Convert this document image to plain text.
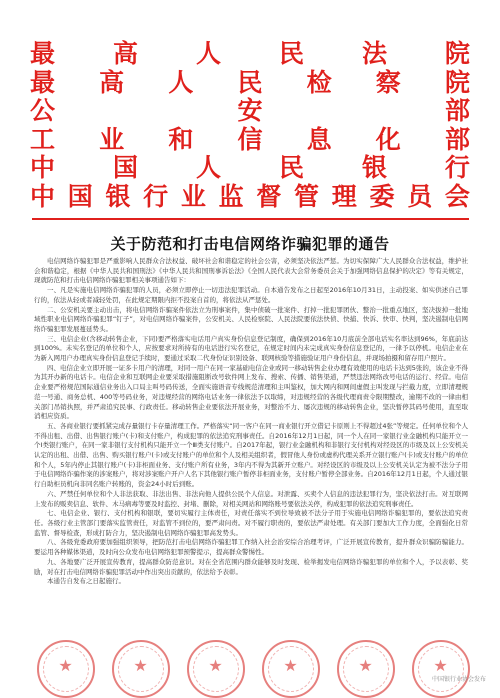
最 高 人 民 法 院
最 高 人 民 检 察 院
公	安	部
工 业 和 信 息 化 部
中 国 人 民 银 行
中 国 银 行 业 监 督 管 理 委 员 会
关于防范和打击电信网络诈骗犯罪的通告

电信网络诈骗犯罪是严重影响人民群众合法权益、破坏社会和谐稳定的社会公害，必须坚决依法严惩。为切实保障广大人民群众合法权益，维护社会和谐稳定，根据《中华人民共和国刑法》《中华人民共和国刑事诉讼法》《全国人民代表大会常务委员会关于加强网络信息保护的决定》等有关规定，现就防范和打击电信网络诈骗犯罪相关事项通告如下：

一、凡是实施电信网络诈骗犯罪的人员，必须立即停止一切违法犯罪活动。自本通告发布之日起至2016年10月31日，主动投案、如实供述自己罪行的，依法从轻或者减轻处罚，在此规定期限内拒不投案自首的，将依法从严惩处。

二、公安机关要主动出击，将电信网络诈骗案件依法立为刑事案件，集中侦破一批案件、打掉一批犯罪团伙、整治一批重点地区，坚决拔掉一批地域性职业电信网络诈骗犯罪“钉子”，对电信网络诈骗案件，公安机关、人民检察院、人民法院要依法快侦、快捕、快诉、快审、快判，坚决遏制电信网络诈骗犯罪发展蔓延势头。

三、电信企业(含移动转售企业，下同)要严格落实电话用户真实身份信息登记制度，确保到2016年10月底前全部电话实名率达到96%，年底前达到100%。未实名登记的单位和个人，应按要求对所持有的电话进行实名登记，在规定时间内未完成真实身份信息登记的，一律予以停机。电信企业在为新入网用户办理真实身份信息登记手续时，要通过采取二代身份证识别设备、联网核验等措施验证用户身份信息，并现场拍摄和留存用户照片。

四、电信企业立即开展一证多卡用户的清理，对同一用户在同一家基础电信企业或同一移动转售企业办理有效使用的电话卡达到5张的，该企业不得为其开办新的电话卡。电信企业和互联网企业要采取措施阻断改号软件网上发布、搜索、传播、销售渠道，严禁违法网络改号电话的运行、经营。电信企业要严格规范国际通信业务出入口局主叫号码传送，全面实施语音专线规范清理和主叫鉴权，加大网内和网间虚假主叫发现与拦截力度，立即清理规范一号通、商务总机、400等号码业务，对违规经营的网络电话业务一律依法予以取缔，对违规经营的各级代理商责令限期整改，逾期不改的一律由相关部门吊销执照，并严肃追究民事、行政责任。移动转售企业要依法开展业务，对整治不力、屡次违规的移动转售企业，坚决暂停其码号使用，直至取消相应资质。

五、各商业银行要抓紧完成存量银行卡存量清理工作。严格落实“同一客户在同一商业银行开立借记卡原则上不得超过4张”等规定。任何单位和个人不得出租、出借、出售银行账户(卡)和支付账户，构成犯罪的依法追究刑事责任。自2016年12月1日起，同一个人在同一家银行业金融机构只能开立一个I类银行账户，在同一家非银行支付机构只能开立一个Ⅲ类支付账户。自2017年起，银行业金融机构和非银行支付机构对经设区的市级及以上公安机关认定的出租、出借、出售、购买银行账户(卡)或支付账户的单位和个人及相关组织者，假冒他人身份或虚构代理关系开立银行账户(卡)或支付账户的单位和个人，5年内停止其银行账户(卡)非柜面业务、支付账户所有业务，3年内不得为其新开立账户。对经设区的市级及以上公安机关认定为被不法分子用于电信网络诈骗作案的涉案账户，将对涉案账户开户人名下其他银行账户暂停非柜面业务，支付账户暂停全部业务。自2016年12月1日起，个人通过银行自助柜员机向非同名账户转账的，资金24小时后到账。

六、严禁任何单位和个人非法获取、非法出售、非法向他人提供公民个人信息。对泄露、买卖个人信息的违法犯罪行为，坚决依法打击。对互联网上发布的贩卖信息、软件、木马病毒等要及时监控、封堵、删除，对相关网站和网络账号要依法关停，构成犯罪的依法追究刑事责任。

七、电信企业、银行、支付机构和银联，要切实履行主体责任，对责任落实不到位导致被不法分子用于实施电信网络诈骗犯罪的，要依法追究责任。各级行业主管部门要落实监管责任，对监管不到位的，要严肃问责。对不履行职责的，要依法严肃处理。有关部门要加大工作力度，全面强化日常监管、督导检查，形成打防合力，坚决遏制电信网络诈骗犯罪高发势头。

八、各级党委政府要加强组织领导，把防范打击电信网络诈骗犯罪工作纳入社会治安综合治理考评，广泛开展宣传教育，提升群众识骗防骗能力。要运用各种媒体渠道，及时向公众发布电信网络犯罪预警提示，提高群众警惕性。

九、各地要广泛开展宣传教育，提高群众防范意识。对在全省范围内群众能够及时发现、检举揭发电信网络诈骗犯罪的单位和个人，予以表彰、奖励，对在打击电信网络诈骗犯罪活动中作出突出贡献的，依法给予表彰。

本通告自发布之日起施行。

★	★	★	★	★	★
中国银行业协会发布
